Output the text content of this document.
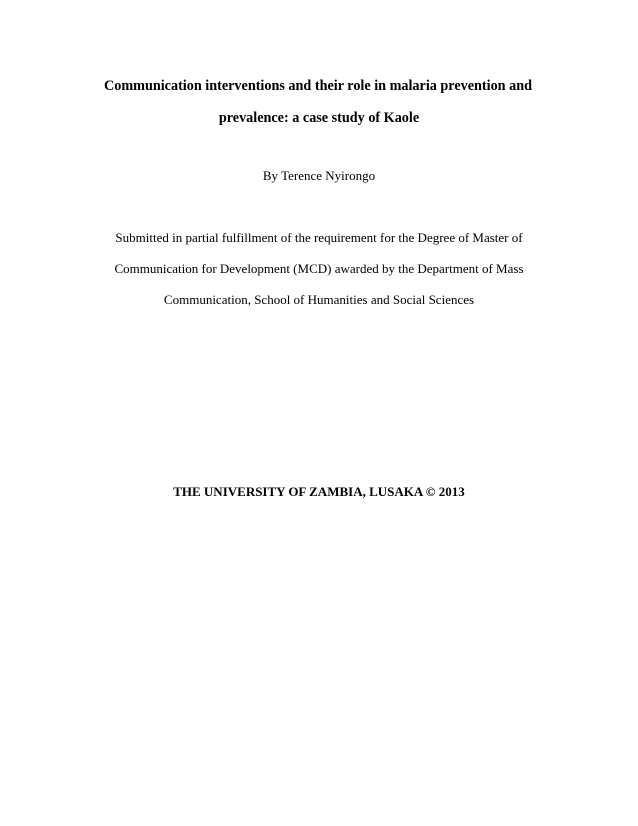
Communication interventions and their role in malaria prevention and
prevalence: a case study of Kaole
By Terence Nyirongo
Submitted in partial fulfillment of the requirement for the Degree of Master of
Communication for Development (MCD) awarded by the Department of Mass
Communication, School of Humanities and Social Sciences
THE UNIVERSITY OF ZAMBIA, LUSAKA © 2013
